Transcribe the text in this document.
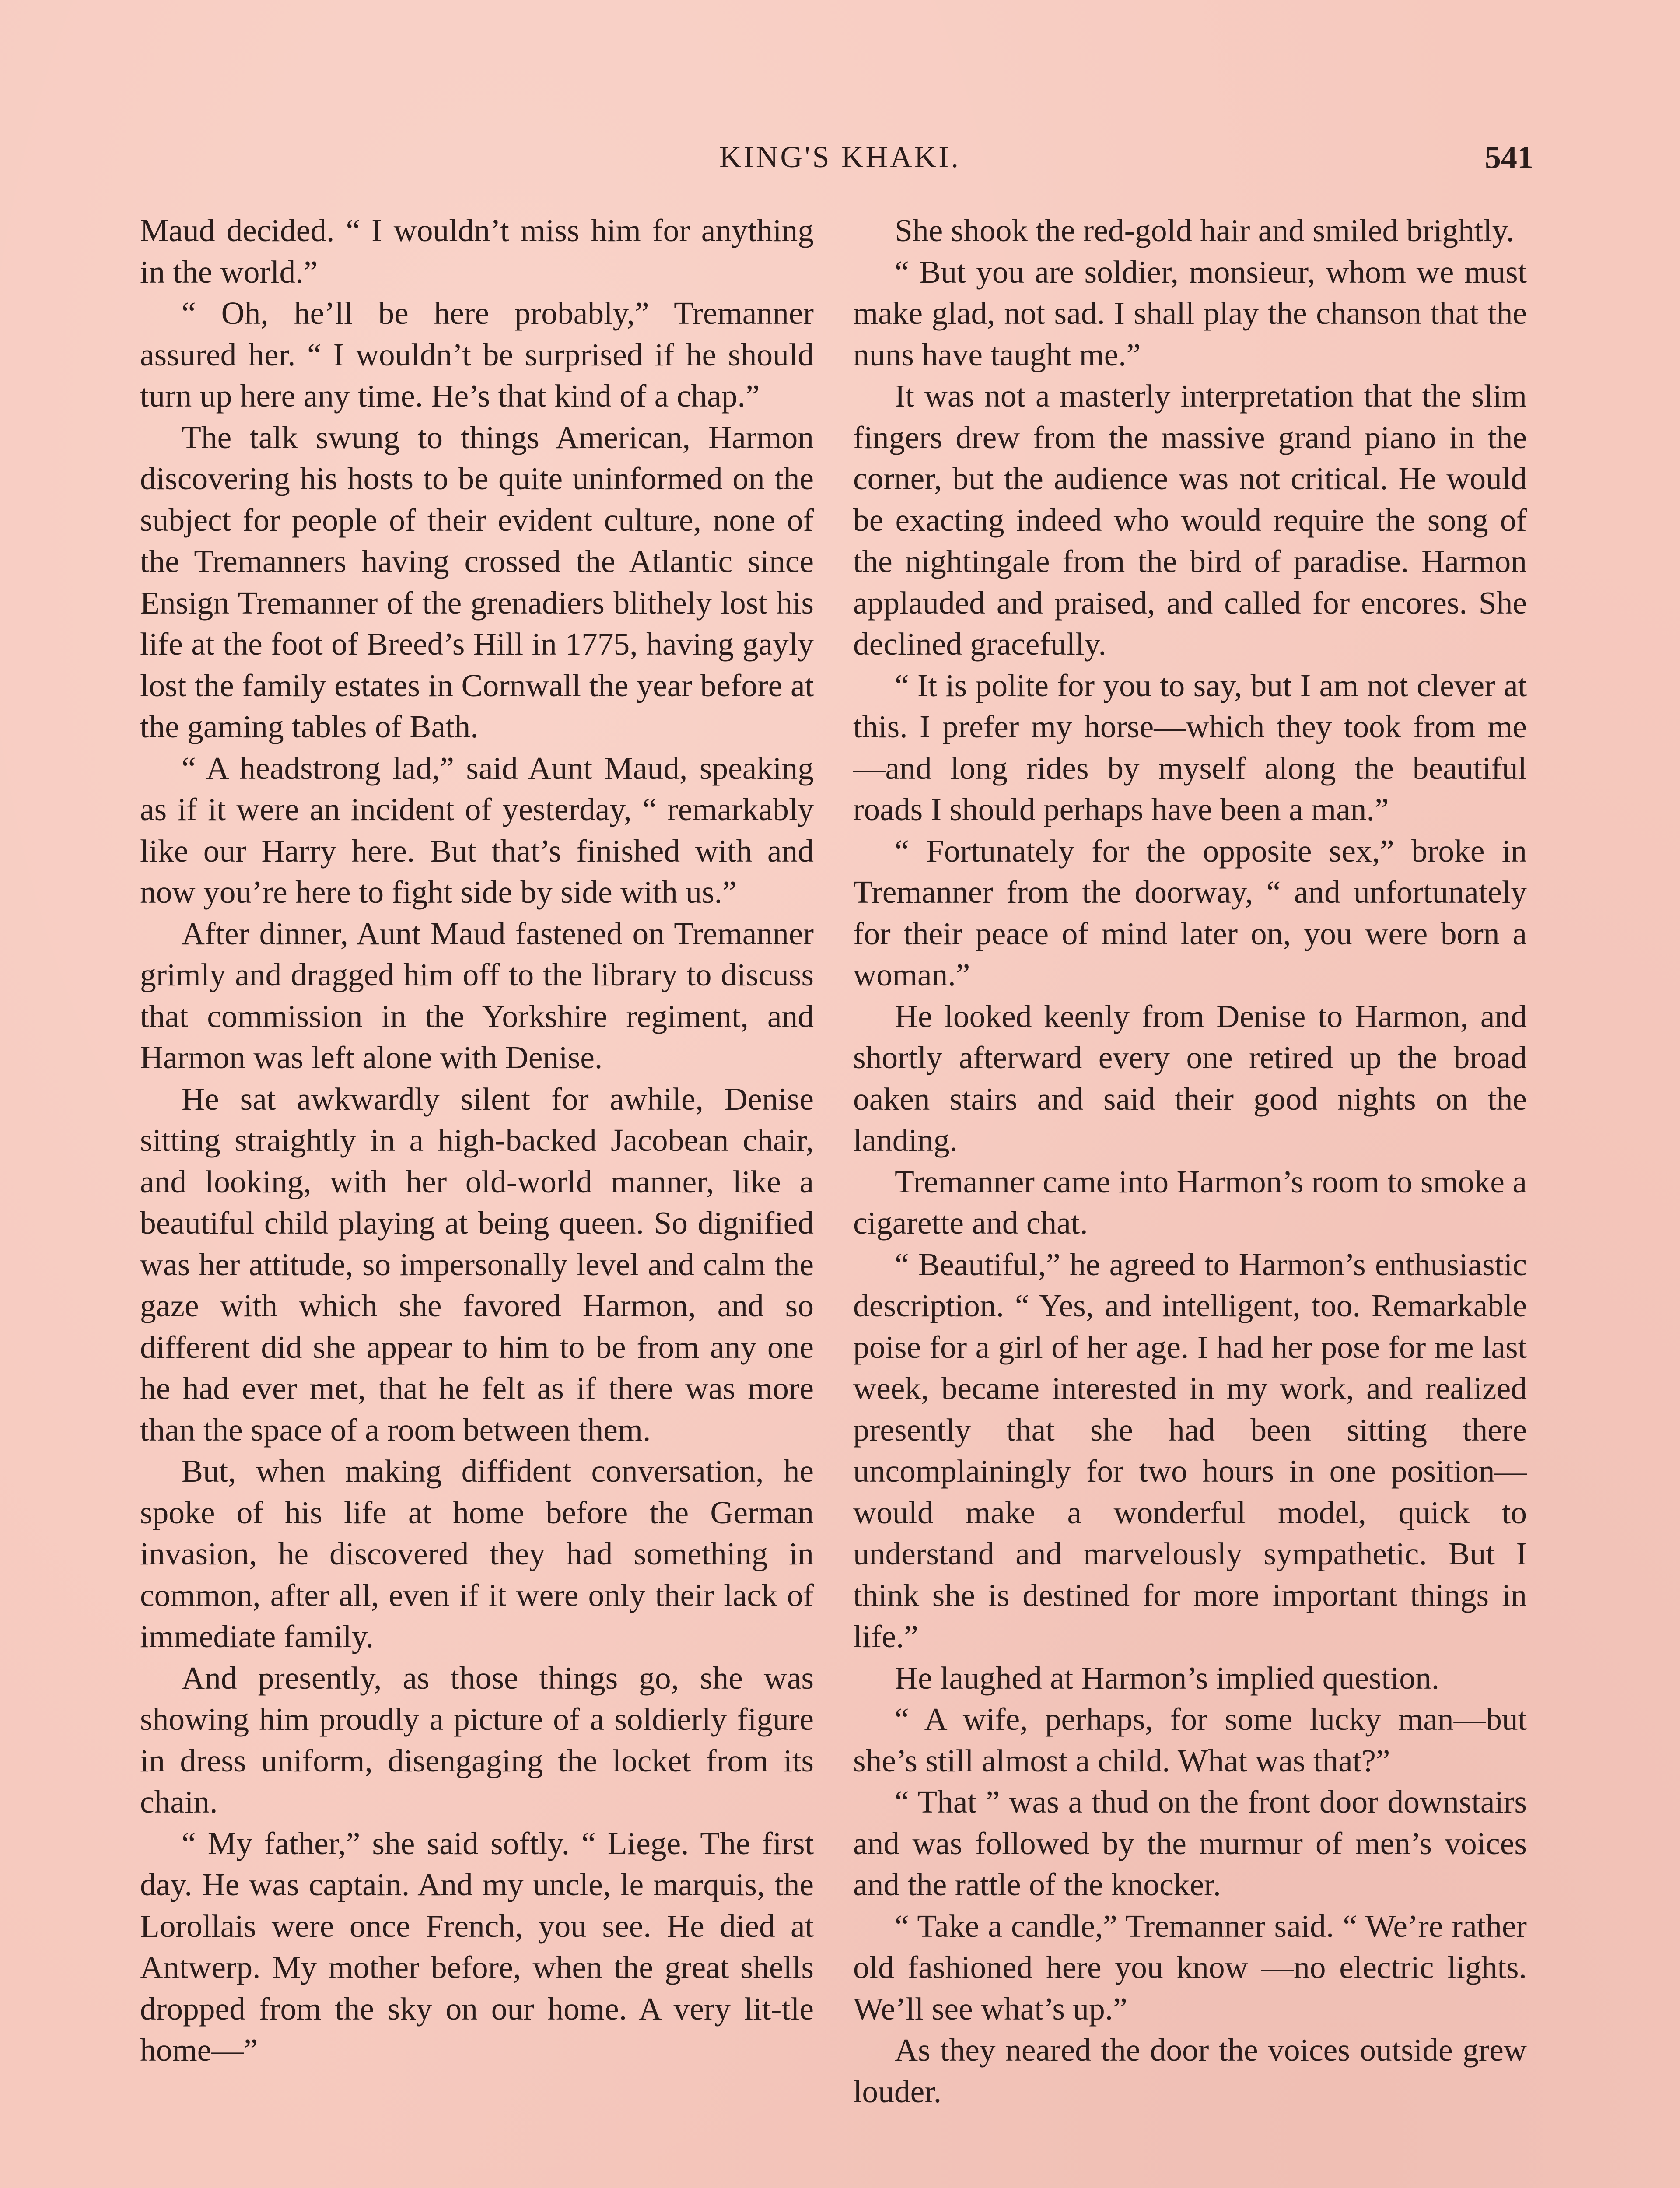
KING'S KHAKI.	541

Maud decided. “ I wouldn’t miss him for anything in the world.”

“ Oh, he’ll be here probably,” Tremanner assured her. “ I wouldn’t be surprised if he should turn up here any time. He’s that kind of a chap.”

The talk swung to things American, Harmon discovering his hosts to be quite uninformed on the subject for people of their evident culture, none of the Tremanners having crossed the Atlantic since Ensign Tremanner of the grenadiers blithely lost his life at the foot of Breed’s Hill in 1775, having gayly lost the family estates in Cornwall the year before at the gaming tables of Bath.

“ A headstrong lad,” said Aunt Maud, speaking as if it were an incident of yesterday, “ remarkably like our Harry here. But that’s finished with and now you’re here to fight side by side with us.”

After dinner, Aunt Maud fastened on Tremanner grimly and dragged him off to the library to discuss that commission in the Yorkshire regiment, and Harmon was left alone with Denise.

He sat awkwardly silent for awhile, Denise sitting straightly in a high-backed Jacobean chair, and looking, with her old-world manner, like a beautiful child playing at being queen. So dignified was her attitude, so impersonally level and calm the gaze with which she favored Harmon, and so different did she appear to him to be from any one he had ever met, that he felt as if there was more than the space of a room between them.

But, when making diffident conversation, he spoke of his life at home before the German invasion, he discovered they had something in common, after all, even if it were only their lack of immediate family.

And presently, as those things go, she was showing him proudly a picture of a soldierly figure in dress uniform, disengaging the locket from its chain.

“ My father,” she said softly. “ Liege. The first day. He was captain. And my uncle, le marquis, the Lorollais were once French, you see. He died at Antwerp. My mother before, when the great shells dropped from the sky on our home. A very lit-tle home—”

She shook the red-gold hair and smiled brightly.

“ But you are soldier, monsieur, whom we must make glad, not sad. I shall play the chanson that the nuns have taught me.”

It was not a masterly interpretation that the slim fingers drew from the massive grand piano in the corner, but the audience was not critical. He would be exacting indeed who would require the song of the nightingale from the bird of paradise. Harmon applauded and praised, and called for encores. She declined gracefully.

“ It is polite for you to say, but I am not clever at this. I prefer my horse—which they took from me—and long rides by myself along the beautiful roads I should perhaps have been a man.”

“ Fortunately for the opposite sex,” broke in Tremanner from the doorway, “ and unfortunately for their peace of mind later on, you were born a woman.”

He looked keenly from Denise to Harmon, and shortly afterward every one retired up the broad oaken stairs and said their good nights on the landing.

Tremanner came into Harmon’s room to smoke a cigarette and chat.

“ Beautiful,” he agreed to Harmon’s enthusiastic description. “ Yes, and intelligent, too. Remarkable poise for a girl of her age. I had her pose for me last week, became interested in my work, and realized presently that she had been sitting there uncomplainingly for two hours in one position—would make a wonderful model, quick to understand and marvelously sympathetic. But I think she is destined for more important things in life.”

He laughed at Harmon’s implied question.

“ A wife, perhaps, for some lucky man—but she’s still almost a child. What was that?”

“ That ” was a thud on the front door downstairs and was followed by the murmur of men’s voices and the rattle of the knocker.

“ Take a candle,” Tremanner said. “ We’re rather old fashioned here you know —no electric lights. We’ll see what’s up.”

As they neared the door the voices outside grew louder.
